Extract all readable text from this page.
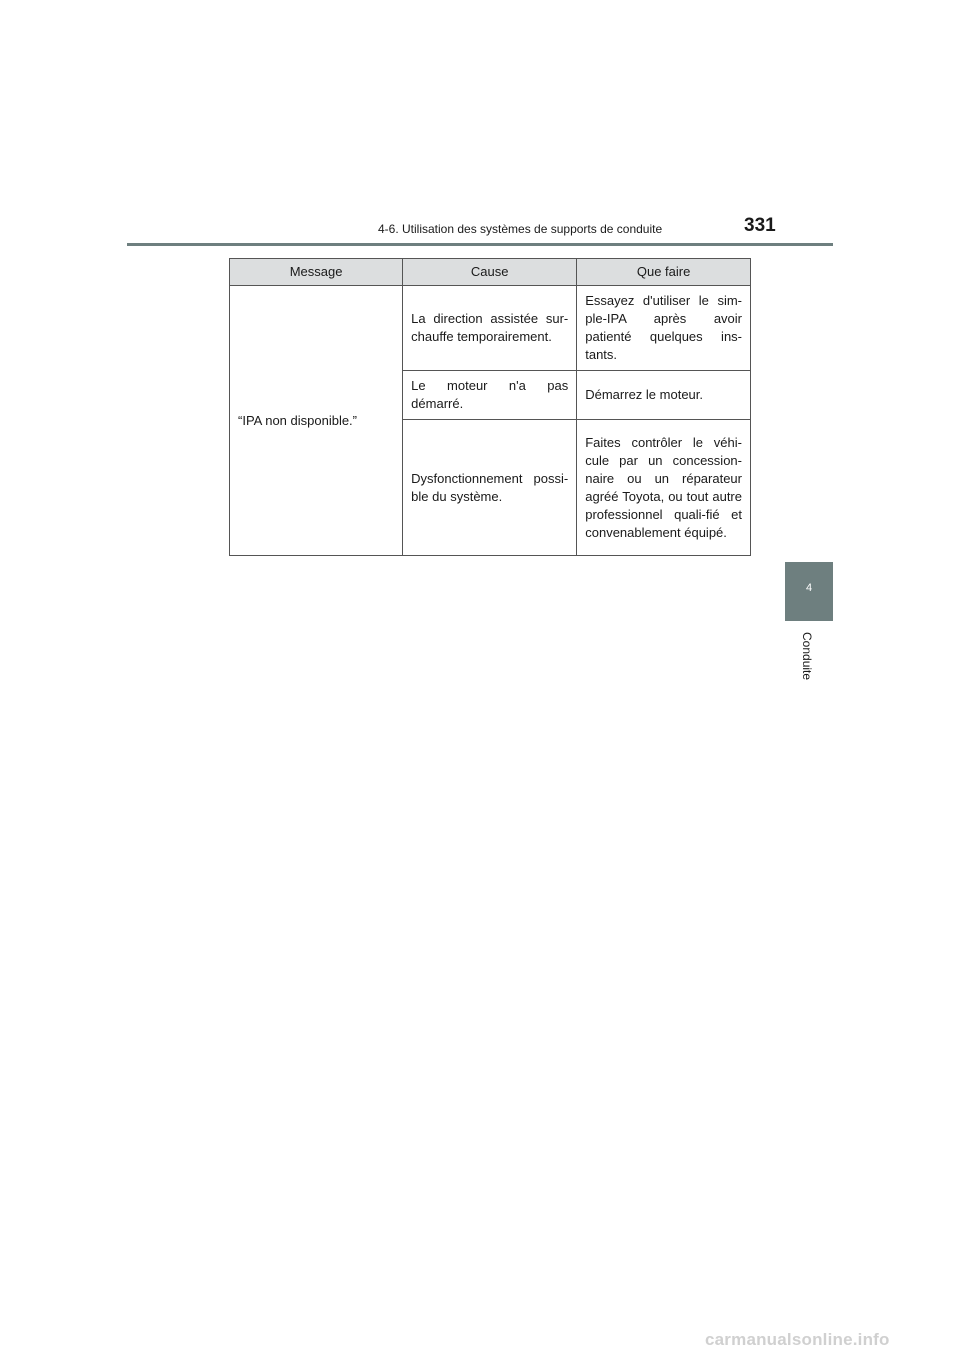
4-6. Utilisation des systèmes de supports de conduite	331
Message	Cause	Que faire
“IPA non disponible.”	La direction assistée sur-chauffe temporairement.	Essayez d'utiliser le sim-ple-IPA après avoir patienté quelques ins-tants.
	Le moteur n'a pas démarré.	Démarrez le moteur.
	Dysfonctionnement possi-ble du système.	Faites contrôler le véhi-cule par un concession-naire ou un réparateur agréé Toyota, ou tout autre professionnel quali-fié et convenablement équipé.
4
Conduite
carmanualsonline.info
